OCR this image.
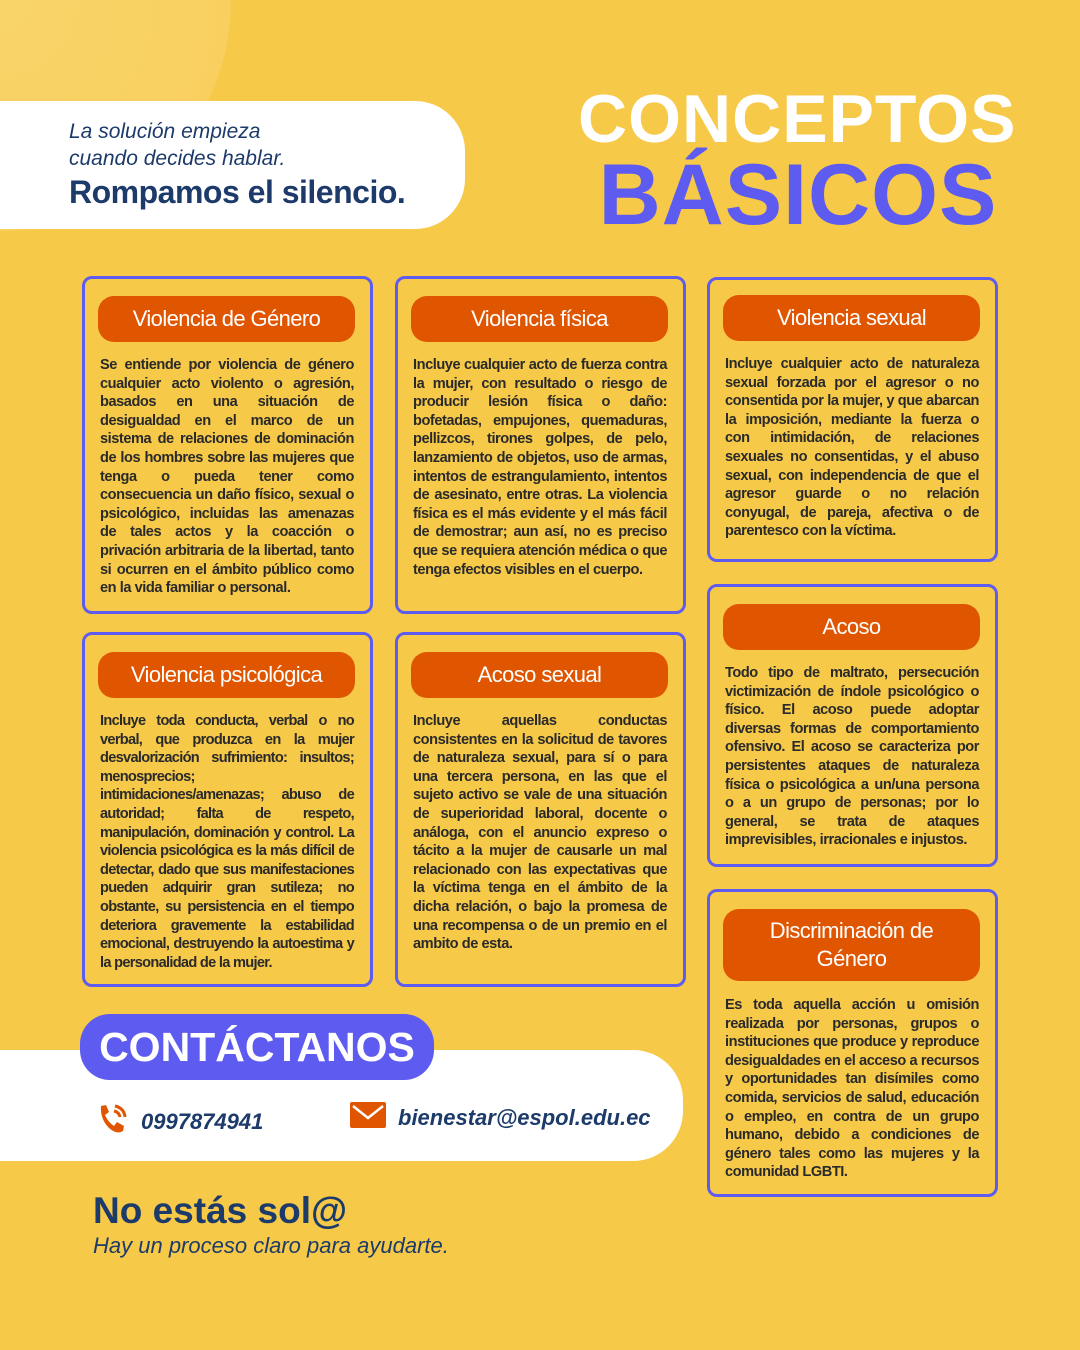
La solución empieza
cuando decides hablar.
Rompamos el silencio.
CONCEPTOS
BÁSICOS
Violencia de Género
Se entiende por violencia de género cualquier acto violento o agresión, basados en una situación de desigualdad en el marco de un sistema de relaciones de dominación de los hombres sobre las mujeres que tenga o pueda tener como consecuencia un daño físico, sexual o psicológico, incluidas las amenazas de tales actos y la coacción o privación arbitraria de la libertad, tanto si ocurren en el ámbito público como en la vida familiar o personal.
Violencia física
Incluye cualquier acto de fuerza contra la mujer, con resultado o riesgo de producir lesión física o daño: bofetadas, empujones, quemaduras, pellizcos, tirones golpes, de pelo, lanzamiento de objetos, uso de armas, intentos de estrangulamiento, intentos de asesinato, entre otras. La violencia física es el más evidente y el más fácil de demostrar; aun así, no es preciso que se requiera atención médica o que tenga efectos visibles en el cuerpo.
Violencia sexual
Incluye cualquier acto de naturaleza sexual forzada por el agresor o no consentida por la mujer, y que abarcan la imposición, mediante la fuerza o con intimidación, de relaciones sexuales no consentidas, y el abuso sexual, con independencia de que el agresor guarde o no relación conyugal, de pareja, afectiva o de parentesco con la víctima.
Violencia psicológica
Incluye toda conducta, verbal o no verbal, que produzca en la mujer desvalorización sufrimiento: insultos; menosprecios; intimidaciones/amenazas; abuso de autoridad; falta de respeto, manipulación, dominación y control. La violencia psicológica es la más difícil de detectar, dado que sus manifestaciones pueden adquirir gran sutileza; no obstante, su persistencia en el tiempo deteriora gravemente la estabilidad emocional, destruyendo la autoestima y la personalidad de la mujer.
Acoso sexual
Incluye aquellas conductas consistentes en la solicitud de tavores de naturaleza sexual, para sí o para una tercera persona, en las que el sujeto activo se vale de una situación de superioridad laboral, docente o análoga, con el anuncio expreso o tácito a la mujer de causarle un mal relacionado con las expectativas que la víctima tenga en el ámbito de la dicha relación, o bajo la promesa de una recompensa o de un premio en el ambito de esta.
Acoso
Todo tipo de maltrato, persecución victimización de índole psicológico o físico. El acoso puede adoptar diversas formas de comportamiento ofensivo. El acoso se caracteriza por persistentes ataques de naturaleza física o psicológica a un/una persona o a un grupo de personas; por lo general, se trata de ataques imprevisibles, irracionales e injustos.
Discriminación de Género
Es toda aquella acción u omisión realizada por personas, grupos o instituciones que produce y reproduce desigualdades en el acceso a recursos y oportunidades tan disímiles como comida, servicios de salud, educación o empleo, en contra de un grupo humano, debido a condiciones de género tales como las mujeres y la comunidad LGBTI.
CONTÁCTANOS
0997874941	bienestar@espol.edu.ec
No estás sol@
Hay un proceso claro para ayudarte.
